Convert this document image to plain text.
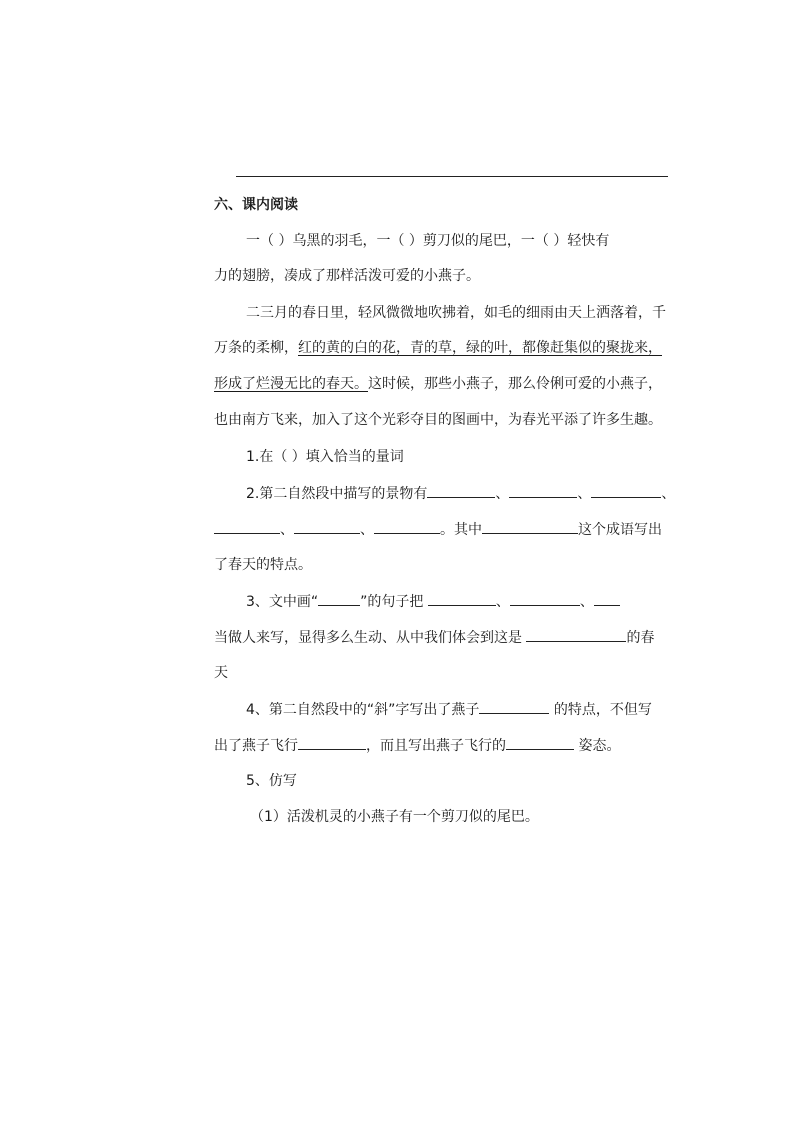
六、课内阅读
一（ ）乌黑的羽毛，一（ ）剪刀似的尾巴，一（ ）轻快有
力的翅膀，凑成了那样活泼可爱的小燕子。
二三月的春日里，轻风微微地吹拂着，如毛的细雨由天上洒落着，千
万条的柔柳，红的黄的白的花，青的草，绿的叶，都像赶集似的聚拢来，
形成了烂漫无比的春天。这时候，那些小燕子，那么伶俐可爱的小燕子，
也由南方飞来，加入了这个光彩夺目的图画中，为春光平添了许多生趣。
1.在（ ）填入恰当的量词
2.第二自然段中描写的景物有	、	、	、
、	、	。其中	这个成语写出
了春天的特点。
3、文中画“	”的句子把	、	、
当做人来写，显得多么生动、从中我们体会到这是	的春
天
4、第二自然段中的“斜”字写出了燕子	的特点，不但写
出了燕子飞行	，而且写出燕子飞行的	姿态。
5、仿写
（1）活泼机灵的小燕子有一个剪刀似的尾巴。
